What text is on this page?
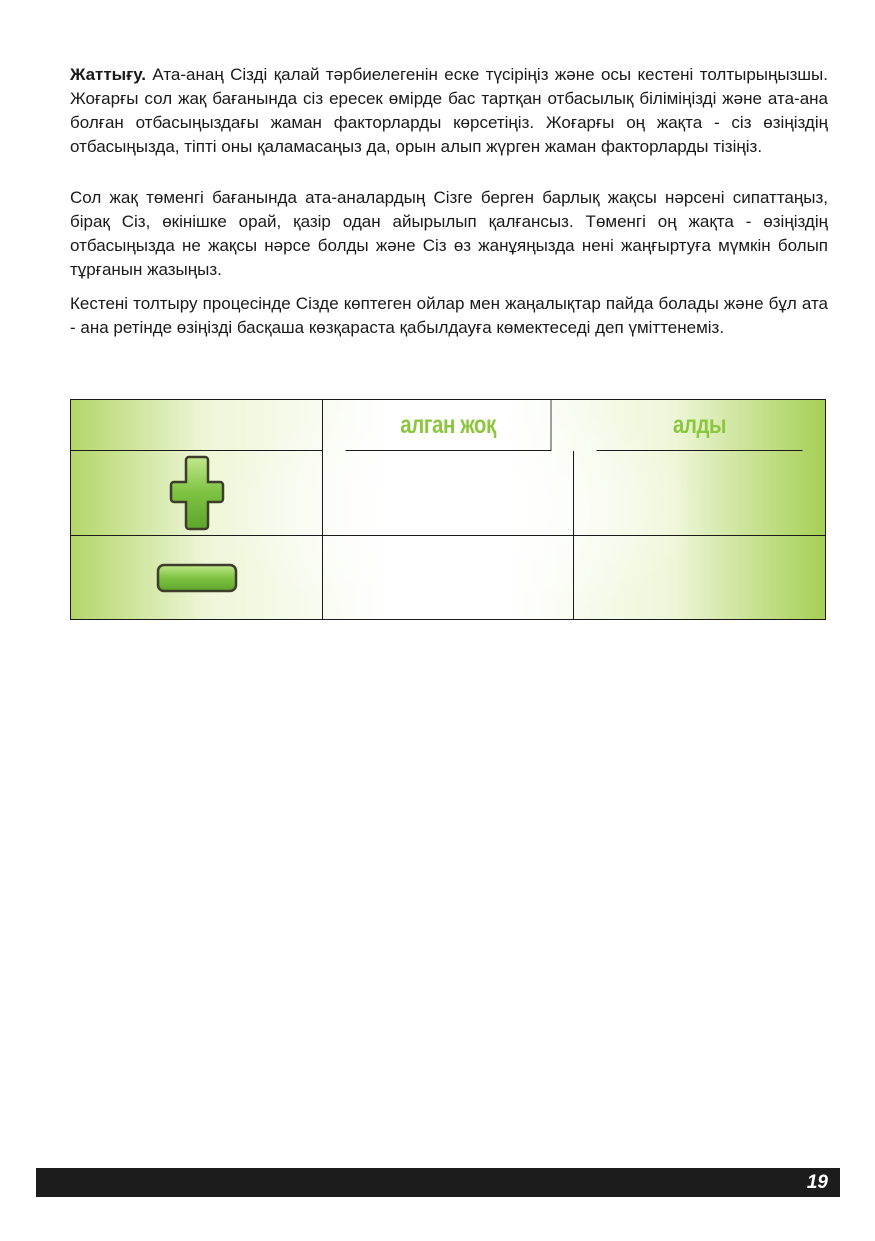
Жаттығу. Ата-анаң Сізді қалай тәрбиелегенін еске түсіріңіз және осы кестені толтырыңызшы. Жоғарғы сол жақ бағанында сіз ересек өмірде бас тартқан отбасылық біліміңізді және ата-ана болған отбасыңыздағы жаман факторларды көрсетіңіз. Жоғарғы оң жақта - сіз өзіңіздің отбасыңызда, тіпті оны қаламасаңыз да, орын алып жүрген жаман факторларды тізіңіз.

Сол жақ төменгі бағанында ата-аналардың Сізге берген барлық жақсы нәрсені сипаттаңыз, бірақ Сіз, өкінішке орай, қазір одан айырылып қалғансыз. Төменгі оң жақта - өзіңіздің отбасыңызда не жақсы нәрсе болды және Сіз өз жанұяңызда нені жаңғыртуға мүмкін болып тұрғанын жазыңыз.

Кестені толтыру процесінде Сізде көптеген ойлар мен жаңалықтар пайда болады және бұл ата - ана ретінде өзіңізді басқаша көзқараста қабылдауға көмектеседі деп үміттенеміз.

алган жоқ	алды
19
